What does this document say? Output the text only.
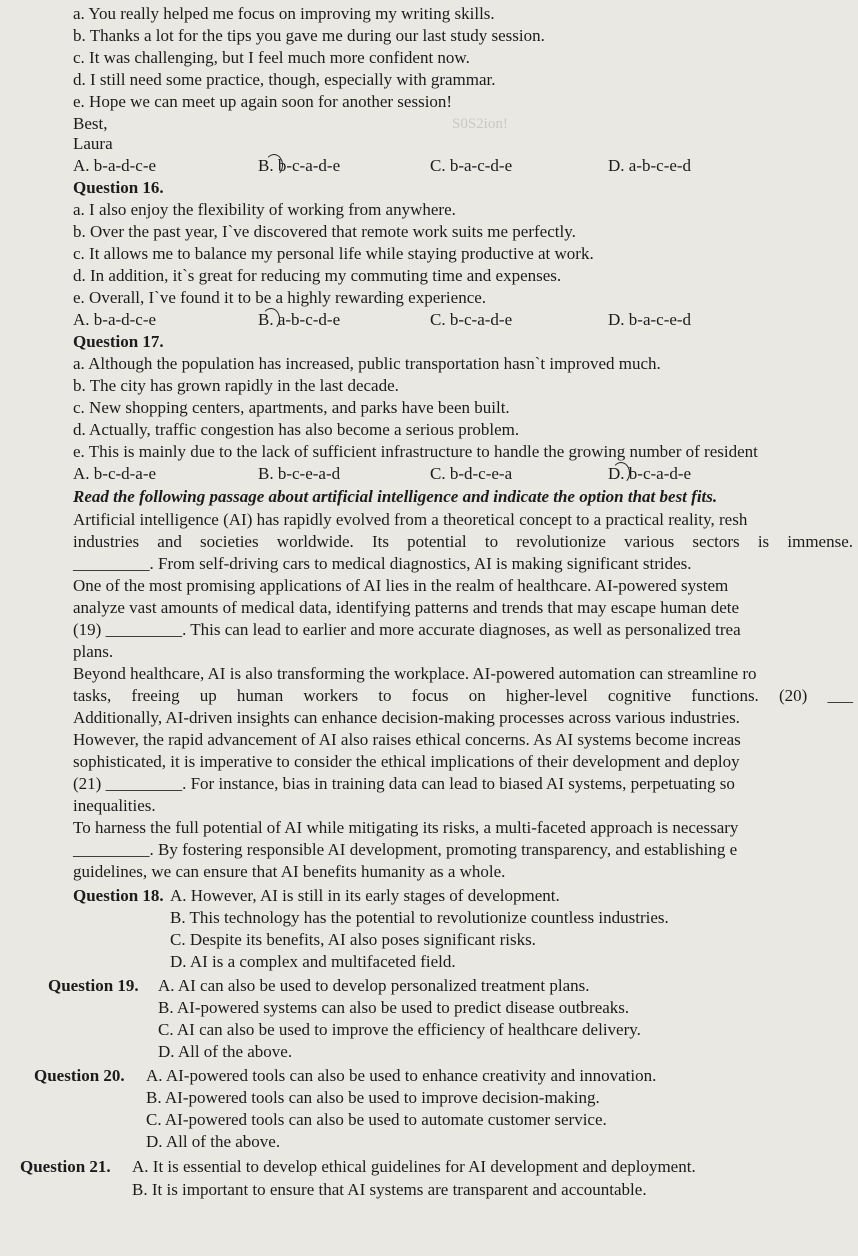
a. You really helped me focus on improving my writing skills.
b. Thanks a lot for the tips you gave me during our last study session.
c. It was challenging, but I feel much more confident now.
d. I still need some practice, though, especially with grammar.
e. Hope we can meet up again soon for another session!
Best,	S0S2ion!
Laura
A. b-a-d-c-e	B. b-c-a-d-e	C. b-a-c-d-e	D. a-b-c-e-d
Question 16.
a. I also enjoy the flexibility of working from anywhere.
b. Over the past year, I`ve discovered that remote work suits me perfectly.
c. It allows me to balance my personal life while staying productive at work.
d. In addition, it`s great for reducing my commuting time and expenses.
e. Overall, I`ve found it to be a highly rewarding experience.
A. b-a-d-c-e	B. a-b-c-d-e	C. b-c-a-d-e	D. b-a-c-e-d
Question 17.
a. Although the population has increased, public transportation hasn`t improved much.
b. The city has grown rapidly in the last decade.
c. New shopping centers, apartments, and parks have been built.
d. Actually, traffic congestion has also become a serious problem.
e. This is mainly due to the lack of sufficient infrastructure to handle the growing number of resident
A. b-c-d-a-e	B. b-c-e-a-d	C. b-d-c-e-a	D. b-c-a-d-e
Read the following passage about artificial intelligence and indicate the option that best fits.
Artificial intelligence (AI) has rapidly evolved from a theoretical concept to a practical reality, resh
industries and societies worldwide. Its potential to revolutionize various sectors is immense.
_________. From self-driving cars to medical diagnostics, AI is making significant strides.
One of the most promising applications of AI lies in the realm of healthcare. AI-powered system
analyze vast amounts of medical data, identifying patterns and trends that may escape human dete
(19) _________. This can lead to earlier and more accurate diagnoses, as well as personalized trea
plans.
Beyond healthcare, AI is also transforming the workplace. AI-powered automation can streamline ro
tasks, freeing up human workers to focus on higher-level cognitive functions. (20) ___
Additionally, AI-driven insights can enhance decision-making processes across various industries.
However, the rapid advancement of AI also raises ethical concerns. As AI systems become increas
sophisticated, it is imperative to consider the ethical implications of their development and deploy
(21) _________. For instance, bias in training data can lead to biased AI systems, perpetuating so
inequalities.
To harness the full potential of AI while mitigating its risks, a multi-faceted approach is necessary
_________. By fostering responsible AI development, promoting transparency, and establishing e
guidelines, we can ensure that AI benefits humanity as a whole.
Question 18. A. However, AI is still in its early stages of development.
B. This technology has the potential to revolutionize countless industries.
C. Despite its benefits, AI also poses significant risks.
D. AI is a complex and multifaceted field.
Question 19. A. AI can also be used to develop personalized treatment plans.
B. AI-powered systems can also be used to predict disease outbreaks.
C. AI can also be used to improve the efficiency of healthcare delivery.
D. All of the above.
Question 20. A. AI-powered tools can also be used to enhance creativity and innovation.
B. AI-powered tools can also be used to improve decision-making.
C. AI-powered tools can also be used to automate customer service.
D. All of the above.
Question 21. A. It is essential to develop ethical guidelines for AI development and deployment.
B. It is important to ensure that AI systems are transparent and accountable.
